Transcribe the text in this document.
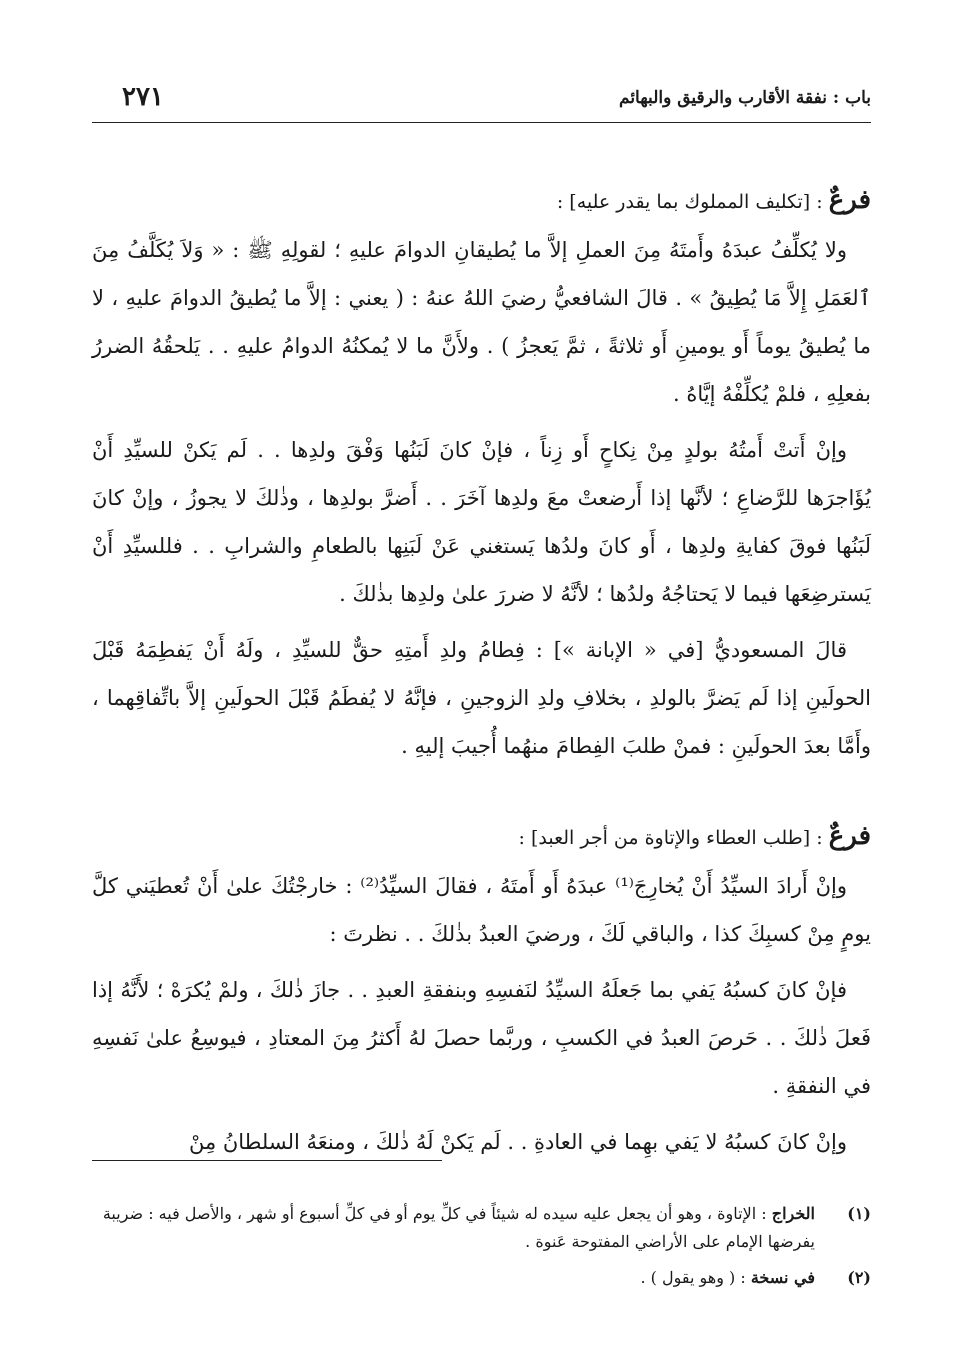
باب : نفقة الأقارب والرقيق والبهائم
٢٧١

فرعٌ : [تكليف المملوك بما يقدر عليه] :

ولا يُكلِّفُ عبدَهُ وأَمتَهُ مِنَ العملِ إلاَّ ما يُطيقانِ الدوامَ عليهِ ؛ لقولِهِ ﷺ : « وَلاَ يُكَلَّفُ مِنَ ٱلعَمَلِ إِلاَّ مَا يُطِيقُ » . قالَ الشافعيُّ رضيَ اللهُ عنهُ : ( يعني : إلاَّ ما يُطيقُ الدوامَ عليهِ ، لا ما يُطيقُ يوماً أَو يومينِ أَو ثلاثةً ، ثمَّ يَعجزُ ) . ولأَنَّ ما لا يُمكنُهُ الدوامُ عليهِ . . يَلحقُهُ الضررُ بفعلِهِ ، فلمْ يُكلِّفْهُ إيَّاهُ .

وإنْ أَتتْ أَمتُهُ بولدٍ مِنْ نِكاحٍ أَو زِناً ، فإنْ كانَ لَبَنُها وَفْقَ ولدِها . . لَم يَكنْ للسيِّدِ أَنْ يُؤَاجرَها للرَّضاعِ ؛ لأنَّها إذا أَرضعتْ معَ ولدِها آخَرَ . . أَضرَّ بولدِها ، وذٰلكَ لا يجوزُ ، وإنْ كانَ لَبَنُها فوقَ كفايةِ ولدِها ، أَو كانَ ولدُها يَستغني عَنْ لَبَنِها بالطعامِ والشرابِ . . فللسيِّدِ أَنْ يَسترضِعَها فيما لا يَحتاجُهُ ولدُها ؛ لأنَّهُ لا ضررَ علىٰ ولدِها بذٰلكَ .

قالَ المسعوديُّ [في « الإبانة »] : فِطامُ ولدِ أَمتِهِ حقٌّ للسيِّدِ ، ولَهُ أَنْ يَفطِمَهُ قَبْلَ الحولَينِ إذا لَم يَضرَّ بالولدِ ، بخلافِ ولدِ الزوجينِ ، فإنَّهُ لا يُفطَمُ قَبْلَ الحولَينِ إلاَّ باتِّفاقِهما ، وأَمَّا بعدَ الحولَينِ : فمنْ طلبَ الفِطامَ منهُما أُجيبَ إليهِ .

فرعٌ : [طلب العطاء والإتاوة من أجر العبد] :

وإنْ أَرادَ السيِّدُ أَنْ يُخارِجَ⁽¹⁾ عبدَهُ أَو أَمتَهُ ، فقالَ السيِّدُ⁽²⁾ : خارجْتُكَ علىٰ أَنْ تُعطيَني كلَّ يومٍ مِنْ كسبِكَ كذا ، والباقي لَكَ ، ورضيَ العبدُ بذٰلكَ . . نظرتَ :

فإنْ كانَ كسبُهُ يَفي بما جَعلَهُ السيِّدُ لنَفسِهِ وبنفقةِ العبدِ . . جازَ ذٰلكَ ، ولمْ يُكرَهْ ؛ لأَنَّهُ إذا فَعلَ ذٰلكَ . . حَرصَ العبدُ في الكسبِ ، وربَّما حصلَ لهُ أَكثرُ مِنَ المعتادِ ، فيوسِعُ علىٰ نَفسِهِ في النفقةِ .

وإنْ كانَ كسبُهُ لا يَفي بهِما في العادةِ . . لَم يَكنْ لَهُ ذٰلكَ ، ومنعَهُ السلطانُ مِنْ

(١)
الخراج : الإتاوة ، وهو أن يجعل عليه سيده له شيئاً في كلِّ يوم أو في كلِّ أسبوع أو شهر ، والأصل فيه : ضريبة يفرضها الإمام على الأراضي المفتوحة عَنوة .

(٢)
في نسخة : ( وهو يقول ) .
